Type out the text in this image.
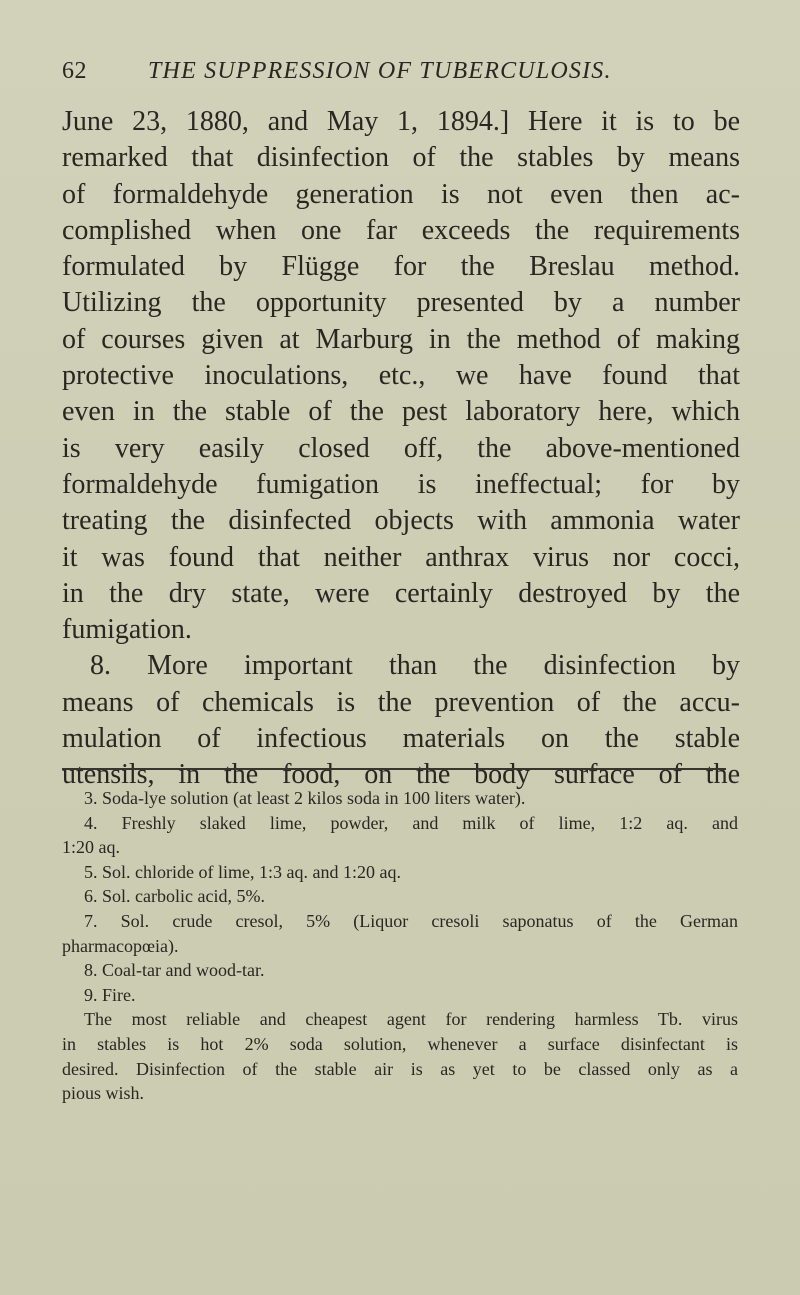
62	THE SUPPRESSION OF TUBERCULOSIS.
June 23, 1880, and May 1, 1894.] Here it is to be
remarked that disinfection of the stables by means
of formaldehyde generation is not even then ac-
complished when one far exceeds the requirements
formulated by Flügge for the Breslau method.
Utilizing the opportunity presented by a number
of courses given at Marburg in the method of making
protective inoculations, etc., we have found that
even in the stable of the pest laboratory here, which
is very easily closed off, the above-mentioned
formaldehyde fumigation is ineffectual; for by
treating the disinfected objects with ammonia water
it was found that neither anthrax virus nor cocci,
in the dry state, were certainly destroyed by the
fumigation.
8. More important than the disinfection by
means of chemicals is the prevention of the accu-
mulation of infectious materials on the stable
utensils, in the food, on the body surface of the
3. Soda-lye solution (at least 2 kilos soda in 100 liters water).
4. Freshly slaked lime, powder, and milk of lime, 1:2 aq. and
1:20 aq.
5. Sol. chloride of lime, 1:3 aq. and 1:20 aq.
6. Sol. carbolic acid, 5%.
7. Sol. crude cresol, 5% (Liquor cresoli saponatus of the German
pharmacopœia).
8. Coal-tar and wood-tar.
9. Fire.
The most reliable and cheapest agent for rendering harmless Tb. virus
in stables is hot 2% soda solution, whenever a surface disinfectant is
desired. Disinfection of the stable air is as yet to be classed only as a
pious wish.
